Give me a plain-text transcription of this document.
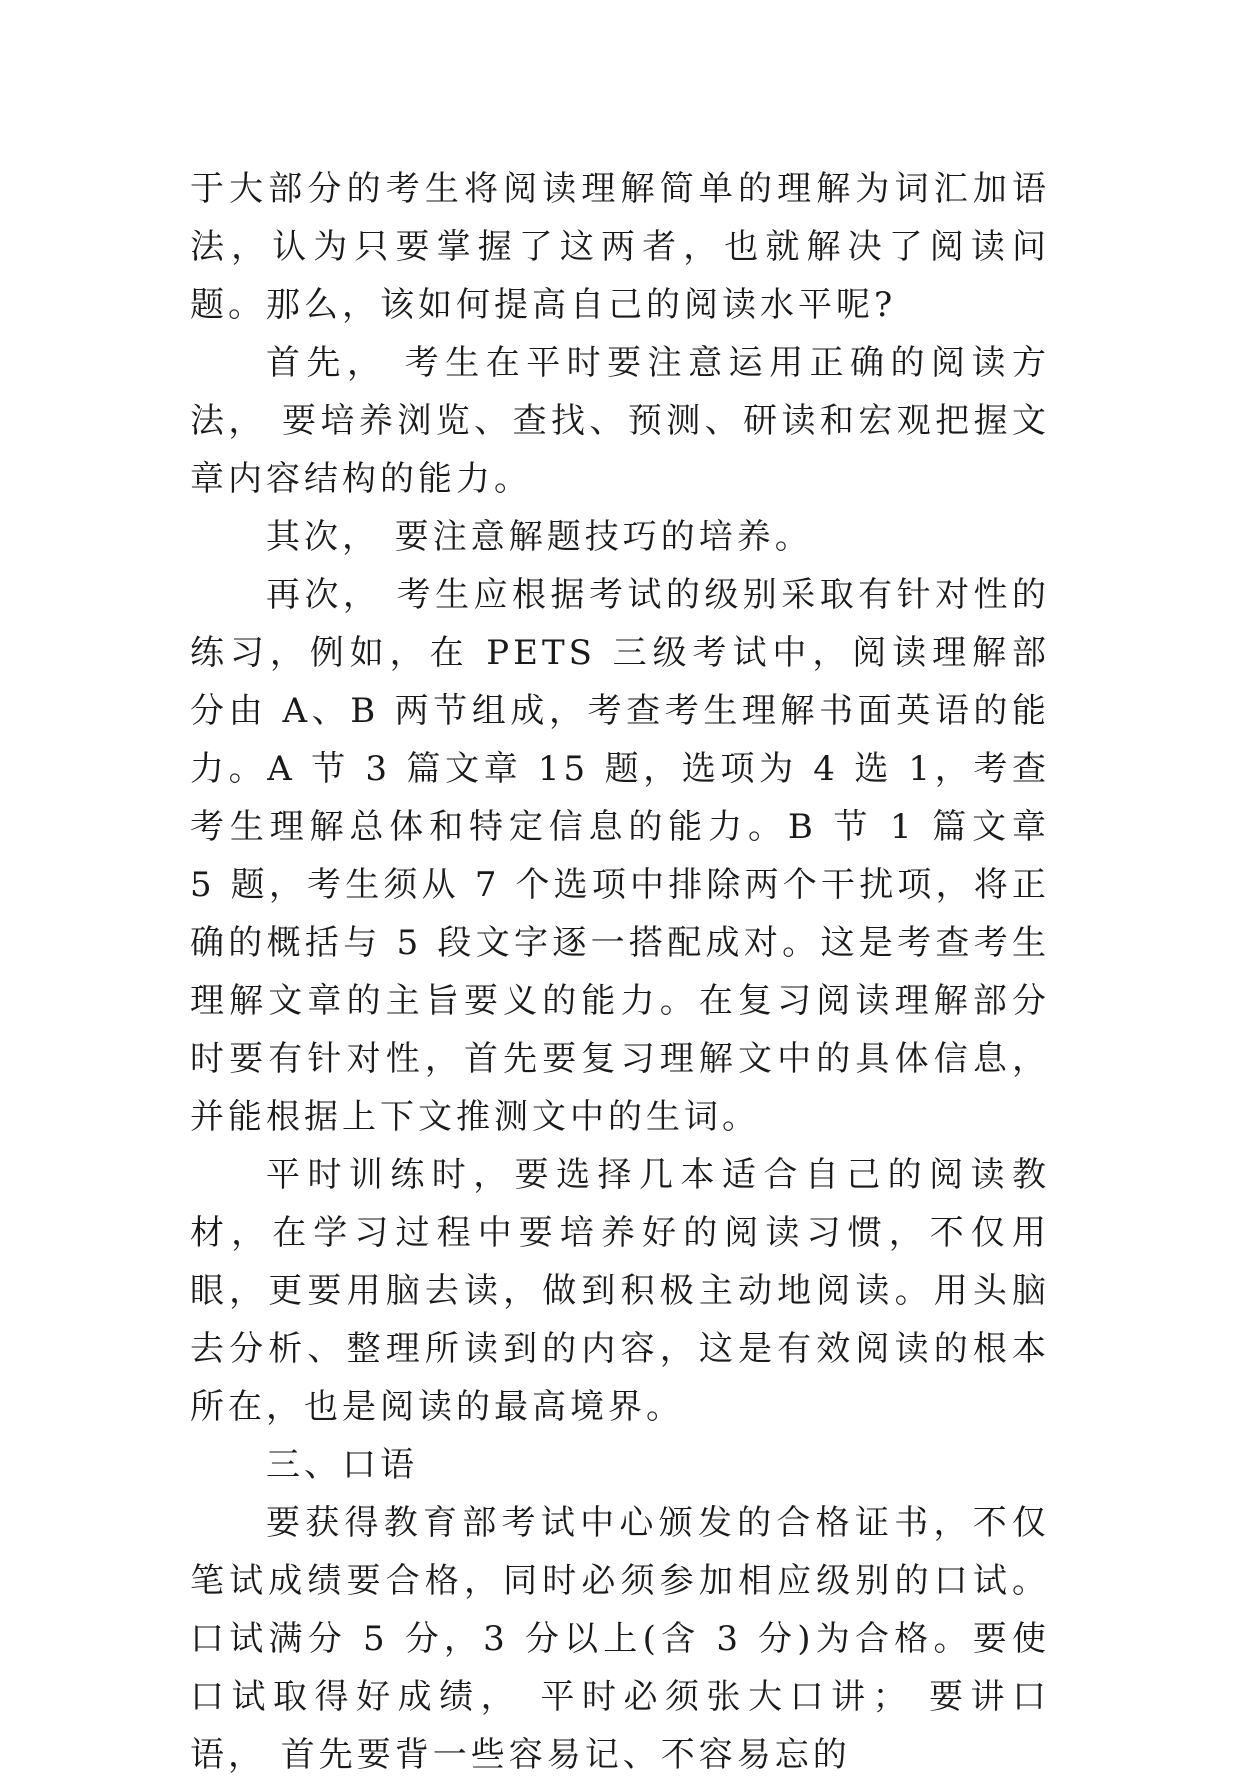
于大部分的考生将阅读理解简单的理解为词汇加语法，认为只要掌握了这两者，也就解决了阅读问题。那么，该如何提高自己的阅读水平呢?

首先， 考生在平时要注意运用正确的阅读方法， 要培养浏览、查找、预测、研读和宏观把握文章内容结构的能力。

其次， 要注意解题技巧的培养。

再次， 考生应根据考试的级别采取有针对性的练习，例如，在 PETS 三级考试中，阅读理解部分由 A、B 两节组成，考查考生理解书面英语的能力。A 节 3 篇文章 15 题，选项为 4 选 1，考查考生理解总体和特定信息的能力。B 节 1 篇文章 5 题，考生须从 7 个选项中排除两个干扰项，将正确的概括与 5 段文字逐一搭配成对。这是考查考生理解文章的主旨要义的能力。在复习阅读理解部分时要有针对性，首先要复习理解文中的具体信息，并能根据上下文推测文中的生词。

平时训练时，要选择几本适合自己的阅读教材，在学习过程中要培养好的阅读习惯，不仅用眼，更要用脑去读，做到积极主动地阅读。用头脑去分析、整理所读到的内容，这是有效阅读的根本所在，也是阅读的最高境界。

三、口语

要获得教育部考试中心颁发的合格证书，不仅笔试成绩要合格，同时必须参加相应级别的口试。口试满分 5 分，3 分以上(含 3 分)为合格。要使口试取得好成绩， 平时必须张大口讲； 要讲口语， 首先要背一些容易记、不容易忘的
